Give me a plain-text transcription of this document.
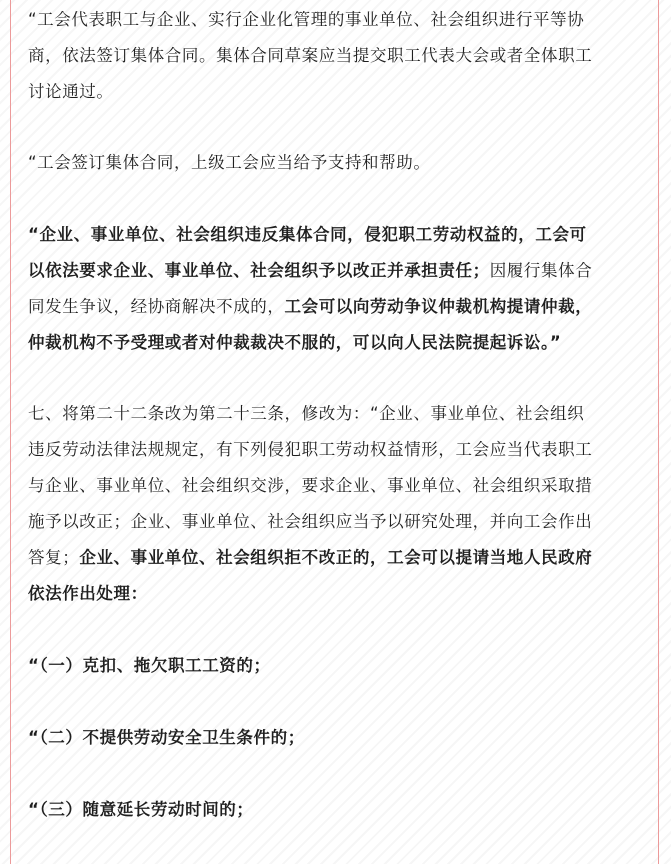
“工会代表职工与企业、实行企业化管理的事业单位、社会组织进行平等协
商，依法签订集体合同。集体合同草案应当提交职工代表大会或者全体职工
讨论通过。

“工会签订集体合同，上级工会应当给予支持和帮助。

“企业、事业单位、社会组织违反集体合同，侵犯职工劳动权益的，工会可
以依法要求企业、事业单位、社会组织予以改正并承担责任；因履行集体合
同发生争议，经协商解决不成的，工会可以向劳动争议仲裁机构提请仲裁，
仲裁机构不予受理或者对仲裁裁决不服的，可以向人民法院提起诉讼。”

七、将第二十二条改为第二十三条，修改为：“企业、事业单位、社会组织
违反劳动法律法规规定，有下列侵犯职工劳动权益情形，工会应当代表职工
与企业、事业单位、社会组织交涉，要求企业、事业单位、社会组织采取措
施予以改正；企业、事业单位、社会组织应当予以研究处理，并向工会作出
答复；企业、事业单位、社会组织拒不改正的，工会可以提请当地人民政府
依法作出处理：

“（一）克扣、拖欠职工工资的；

“（二）不提供劳动安全卫生条件的；

“（三）随意延长劳动时间的；
